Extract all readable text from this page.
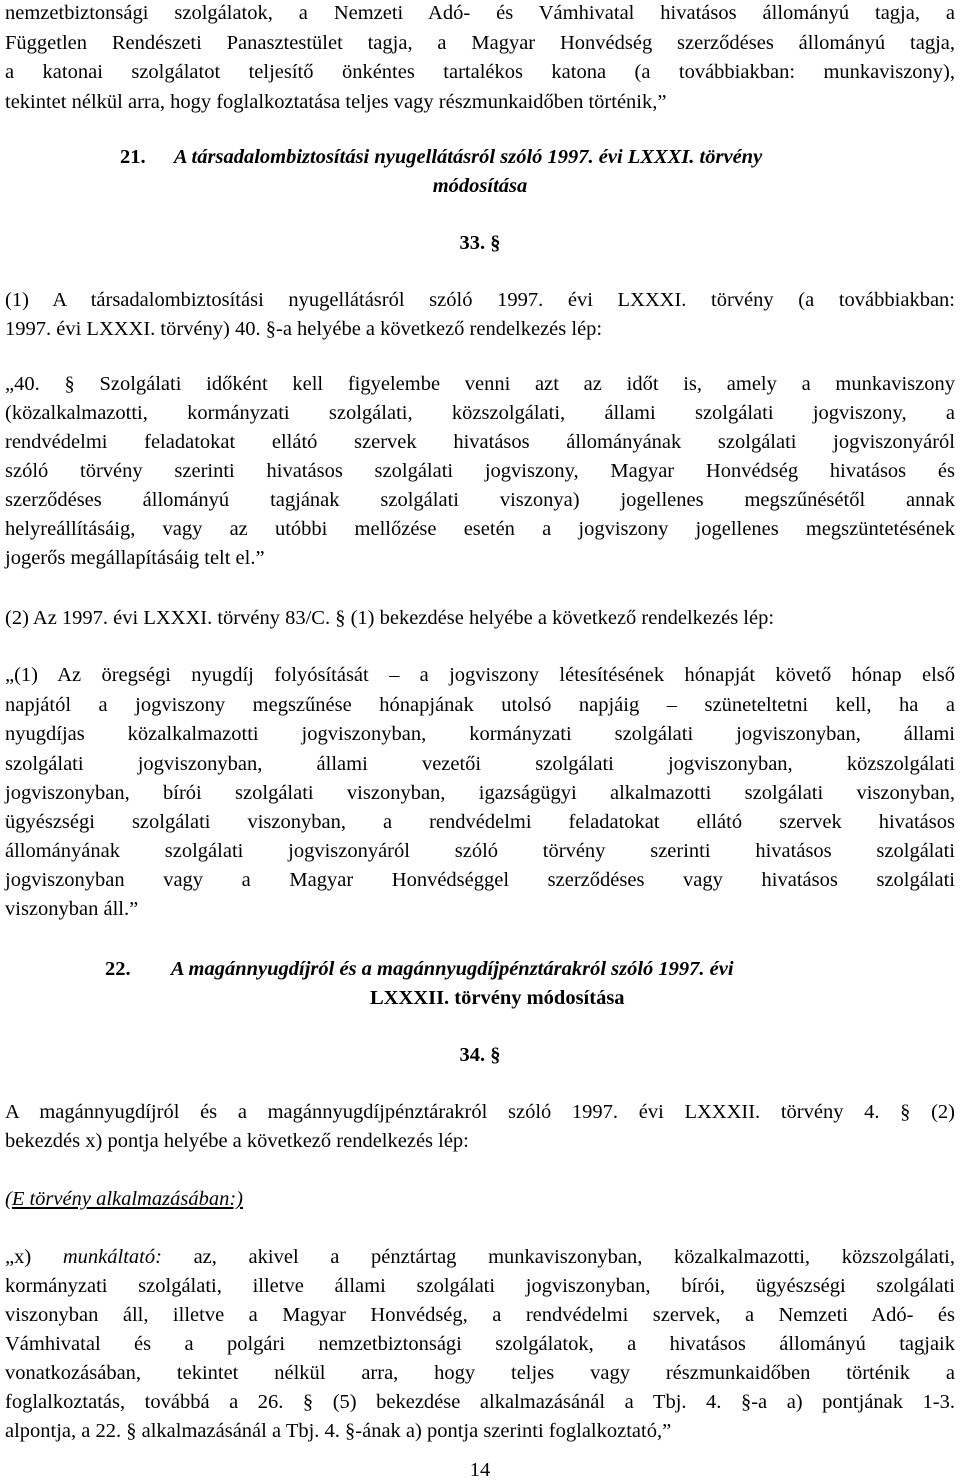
nemzetbiztonsági szolgálatok, a Nemzeti Adó- és Vámhivatal hivatásos állományú tagja, a
Független Rendészeti Panasztestület tagja, a Magyar Honvédség szerződéses állományú tagja,
a katonai szolgálatot teljesítő önkéntes tartalékos katona (a továbbiakban: munkaviszony),
tekintet nélkül arra, hogy foglalkoztatása teljes vagy részmunkaidőben történik,”
21. A társadalombiztosítási nyugellátásról szóló 1997. évi LXXXI. törvény
módosítása
33. §
(1) A társadalombiztosítási nyugellátásról szóló 1997. évi LXXXI. törvény (a továbbiakban:
1997. évi LXXXI. törvény) 40. §-a helyébe a következő rendelkezés lép:
„40. § Szolgálati időként kell figyelembe venni azt az időt is, amely a munkaviszony
(közalkalmazotti, kormányzati szolgálati, közszolgálati, állami szolgálati jogviszony, a
rendvédelmi feladatokat ellátó szervek hivatásos állományának szolgálati jogviszonyáról
szóló törvény szerinti hivatásos szolgálati jogviszony, Magyar Honvédség hivatásos és
szerződéses állományú tagjának szolgálati viszonya) jogellenes megszűnésétől annak
helyreállításáig, vagy az utóbbi mellőzése esetén a jogviszony jogellenes megszüntetésének
jogerős megállapításáig telt el.”
(2) Az 1997. évi LXXXI. törvény 83/C. § (1) bekezdése helyébe a következő rendelkezés lép:
„(1) Az öregségi nyugdíj folyósítását – a jogviszony létesítésének hónapját követő hónap első
napjától a jogviszony megszűnése hónapjának utolsó napjáig – szüneteltetni kell, ha a
nyugdíjas közalkalmazotti jogviszonyban, kormányzati szolgálati jogviszonyban, állami
szolgálati jogviszonyban, állami vezetői szolgálati jogviszonyban, közszolgálati
jogviszonyban, bírói szolgálati viszonyban, igazságügyi alkalmazotti szolgálati viszonyban,
ügyészségi szolgálati viszonyban, a rendvédelmi feladatokat ellátó szervek hivatásos
állományának szolgálati jogviszonyáról szóló törvény szerinti hivatásos szolgálati
jogviszonyban vagy a Magyar Honvédséggel szerződéses vagy hivatásos szolgálati
viszonyban áll.”
22. A magánnyugdíjról és a magánnyugdíjpénztárakról szóló 1997. évi
LXXXII. törvény módosítása
34. §
A magánnyugdíjról és a magánnyugdíjpénztárakról szóló 1997. évi LXXXII. törvény 4. § (2)
bekezdés x) pontja helyébe a következő rendelkezés lép:
(E törvény alkalmazásában:)
„x) munkáltató: az, akivel a pénztártag munkaviszonyban, közalkalmazotti, közszolgálati,
kormányzati szolgálati, illetve állami szolgálati jogviszonyban, bírói, ügyészségi szolgálati
viszonyban áll, illetve a Magyar Honvédség, a rendvédelmi szervek, a Nemzeti Adó- és
Vámhivatal és a polgári nemzetbiztonsági szolgálatok, a hivatásos állományú tagjaik
vonatkozásában, tekintet nélkül arra, hogy teljes vagy részmunkaidőben történik a
foglalkoztatás, továbbá a 26. § (5) bekezdése alkalmazásánál a Tbj. 4. §-a a) pontjának 1-3.
alpontja, a 22. § alkalmazásánál a Tbj. 4. §-ának a) pontja szerinti foglalkoztató,”
14
